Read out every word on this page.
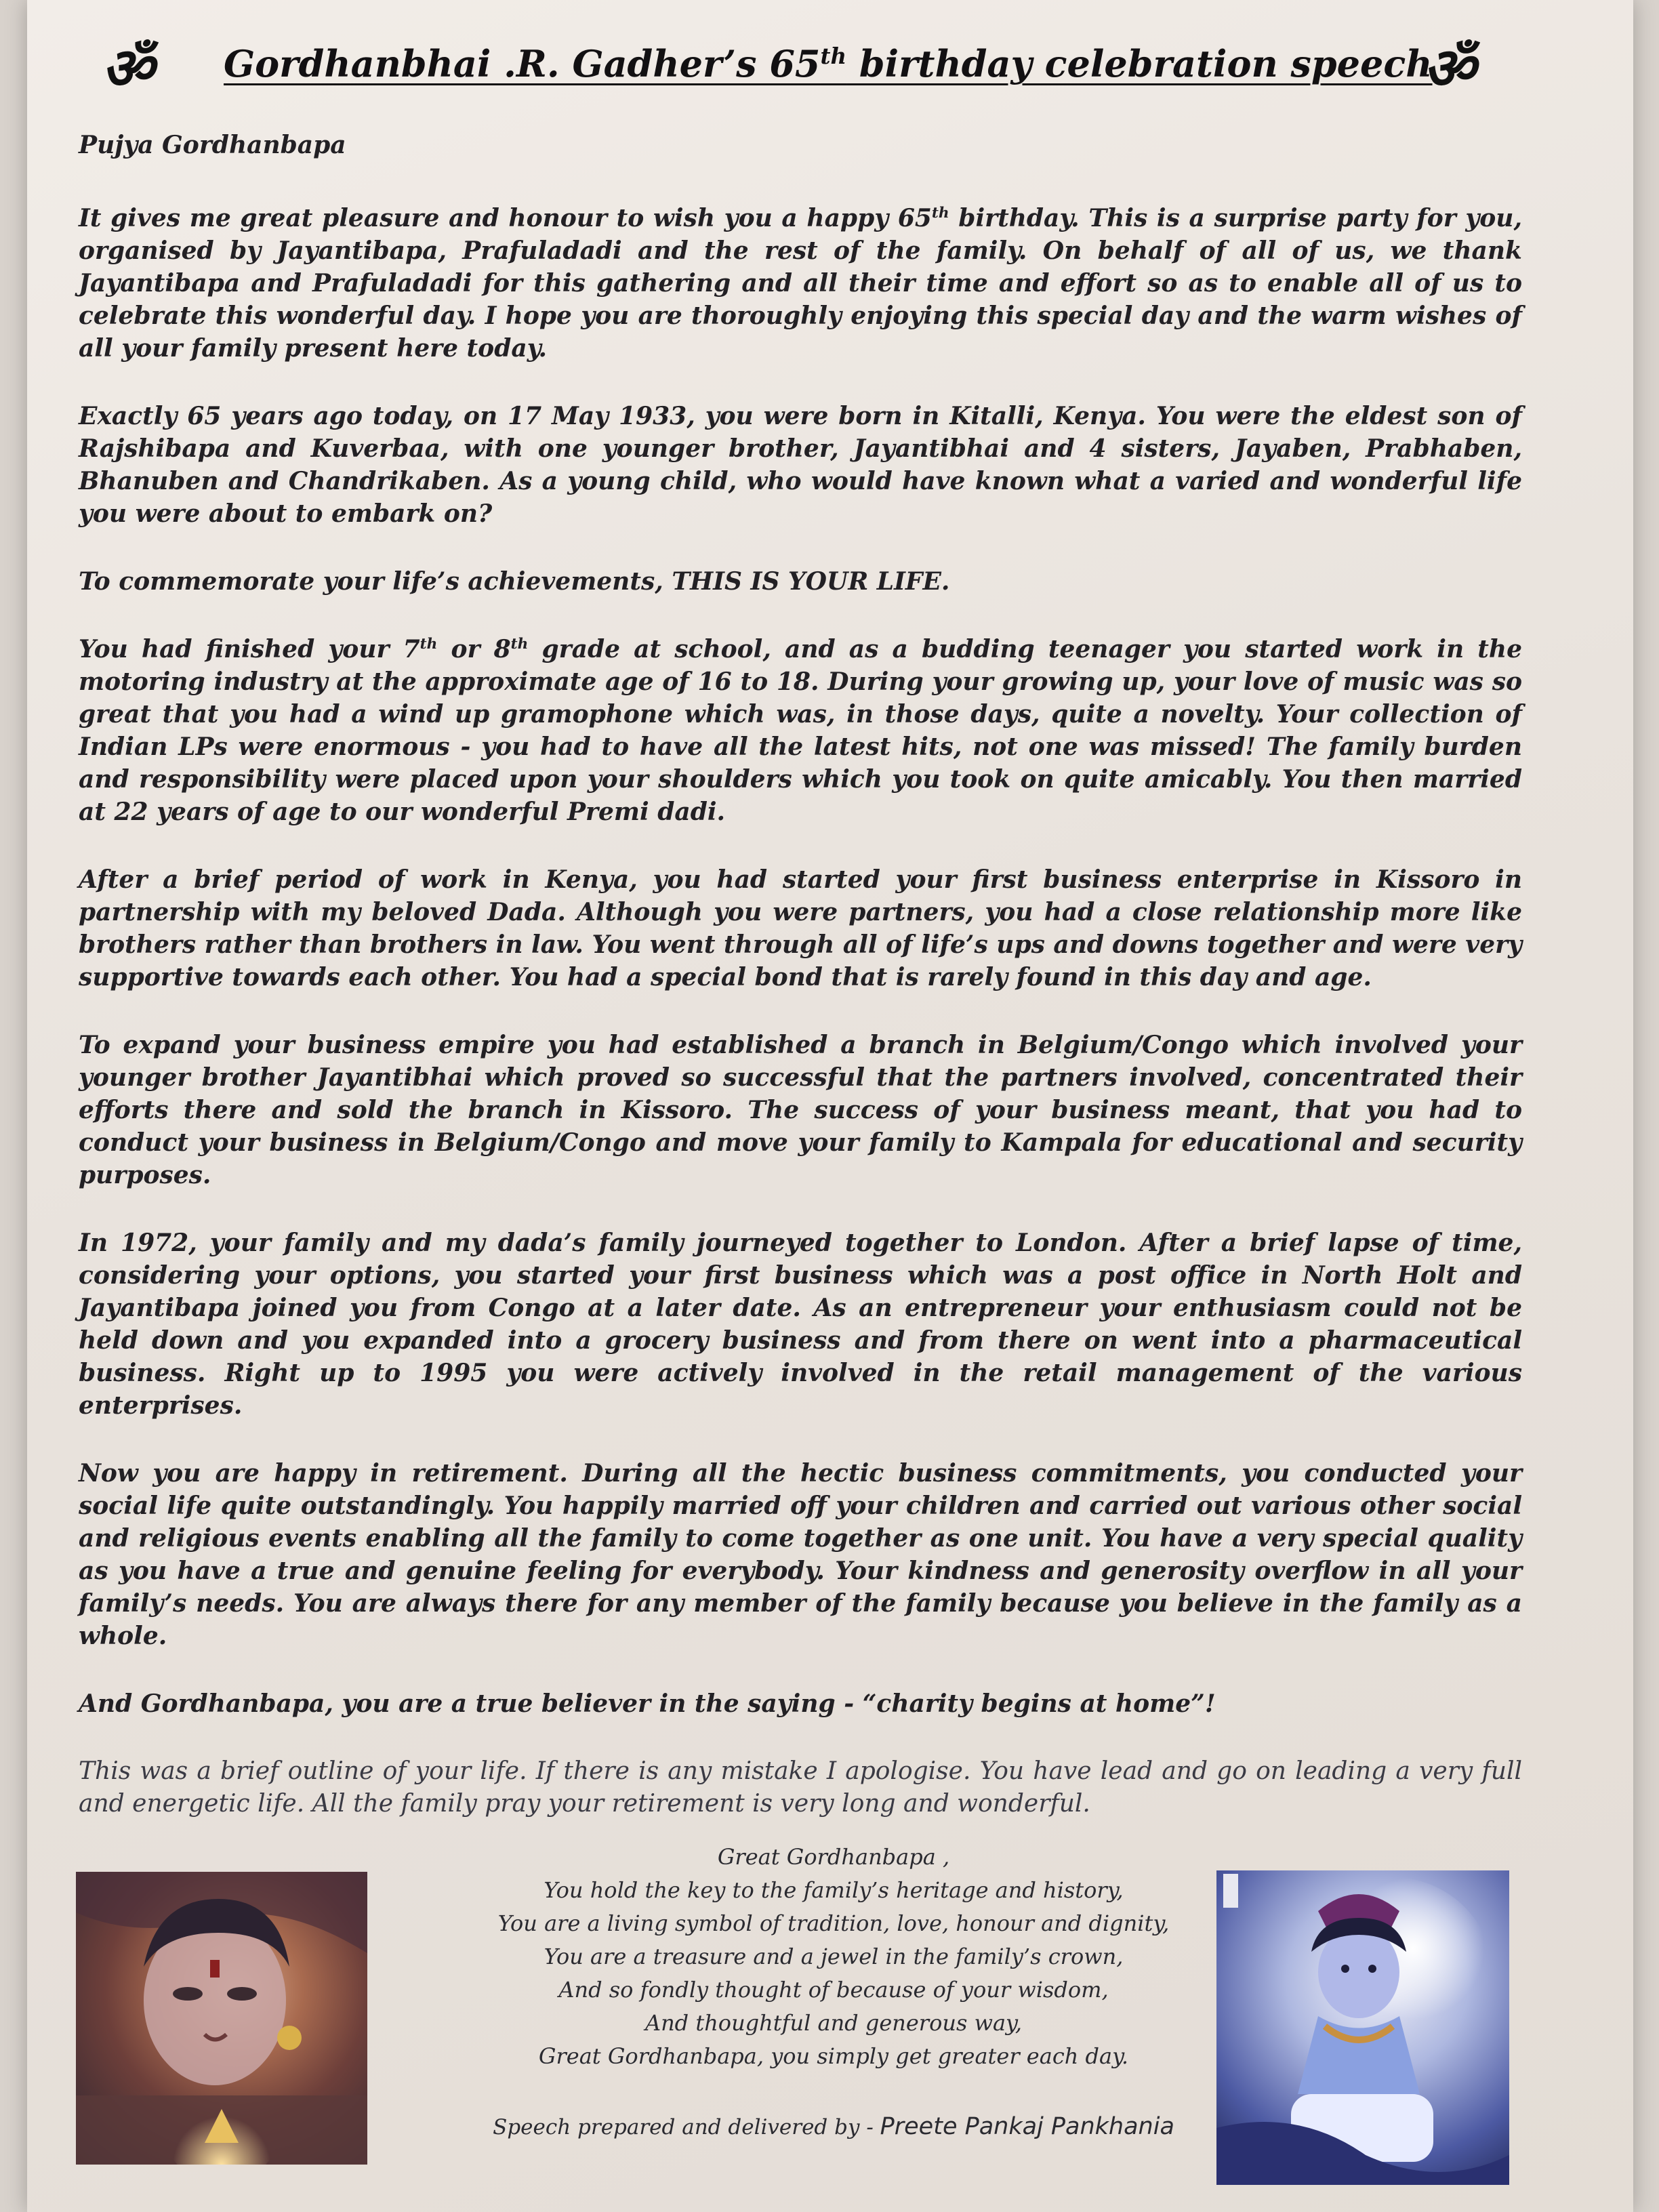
ॐ	ॐ
Gordhanbhai .R. Gadher’s 65th birthday celebration speech

Pujya Gordhanbapa

It gives me great pleasure and honour to wish you a happy 65th birthday. This is a surprise party for you, organised by Jayantibapa, Prafuladadi and the rest of the family. On behalf of all of us, we thank Jayantibapa and Prafuladadi for this gathering and all their time and effort so as to enable all of us to celebrate this wonderful day. I hope you are thoroughly enjoying this special day and the warm wishes of all your family present here today.

Exactly 65 years ago today, on 17 May 1933, you were born in Kitalli, Kenya. You were the eldest son of Rajshibapa and Kuverbaa, with one younger brother, Jayantibhai and 4 sisters, Jayaben, Prabhaben, Bhanuben and Chandrikaben. As a young child, who would have known what a varied and wonderful life you were about to embark on?

To commemorate your life’s achievements, THIS IS YOUR LIFE.

You had finished your 7th or 8th grade at school, and as a budding teenager you started work in the motoring industry at the approximate age of 16 to 18. During your growing up, your love of music was so great that you had a wind up gramophone which was, in those days, quite a novelty. Your collection of Indian LPs were enormous - you had to have all the latest hits, not one was missed! The family burden and responsibility were placed upon your shoulders which you took on quite amicably. You then married at 22 years of age to our wonderful Premi dadi.

After a brief period of work in Kenya, you had started your first business enterprise in Kissoro in partnership with my beloved Dada. Although you were partners, you had a close relationship more like brothers rather than brothers in law. You went through all of life’s ups and downs together and were very supportive towards each other. You had a special bond that is rarely found in this day and age.

To expand your business empire you had established a branch in Belgium/Congo which involved your younger brother Jayantibhai which proved so successful that the partners involved, concentrated their efforts there and sold the branch in Kissoro. The success of your business meant, that you had to conduct your business in Belgium/Congo and move your family to Kampala for educational and security purposes.

In 1972, your family and my dada’s family journeyed together to London. After a brief lapse of time, considering your options, you started your first business which was a post office in North Holt and Jayantibapa joined you from Congo at a later date. As an entrepreneur your enthusiasm could not be held down and you expanded into a grocery business and from there on went into a pharmaceutical business. Right up to 1995 you were actively involved in the retail management of the various enterprises.

Now you are happy in retirement. During all the hectic business commitments, you conducted your social life quite outstandingly. You happily married off your children and carried out various other social and religious events enabling all the family to come together as one unit. You have a very special quality as you have a true and genuine feeling for everybody. Your kindness and generosity overflow in all your family’s needs. You are always there for any member of the family because you believe in the family as a whole.

And Gordhanbapa, you are a true believer in the saying - “charity begins at home”!

This was a brief outline of your life. If there is any mistake I apologise. You have lead and go on leading a very full and energetic life. All the family pray your retirement is very long and wonderful.

Great Gordhanbapa ,
You hold the key to the family’s heritage and history,
You are a living symbol of tradition, love, honour and dignity,
You are a treasure and a jewel in the family’s crown,
And so fondly thought of because of your wisdom,
And thoughtful and generous way,
Great Gordhanbapa, you simply get greater each day.
Speech prepared and delivered by - Preete Pankaj Pankhania
